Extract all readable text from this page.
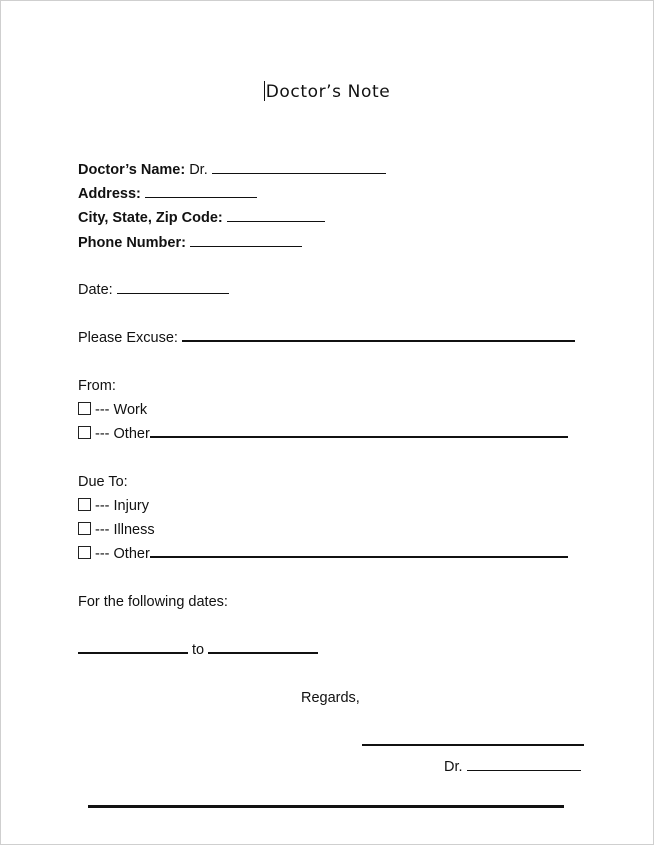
Doctor’s Note
Doctor’s Name: Dr.
Address:
City, State, Zip Code:
Phone Number:
Date:
Please Excuse:
From:
--- Work
--- Other
Due To:
--- Injury
--- Illness
--- Other
For the following dates:
to
Regards,
Dr.
